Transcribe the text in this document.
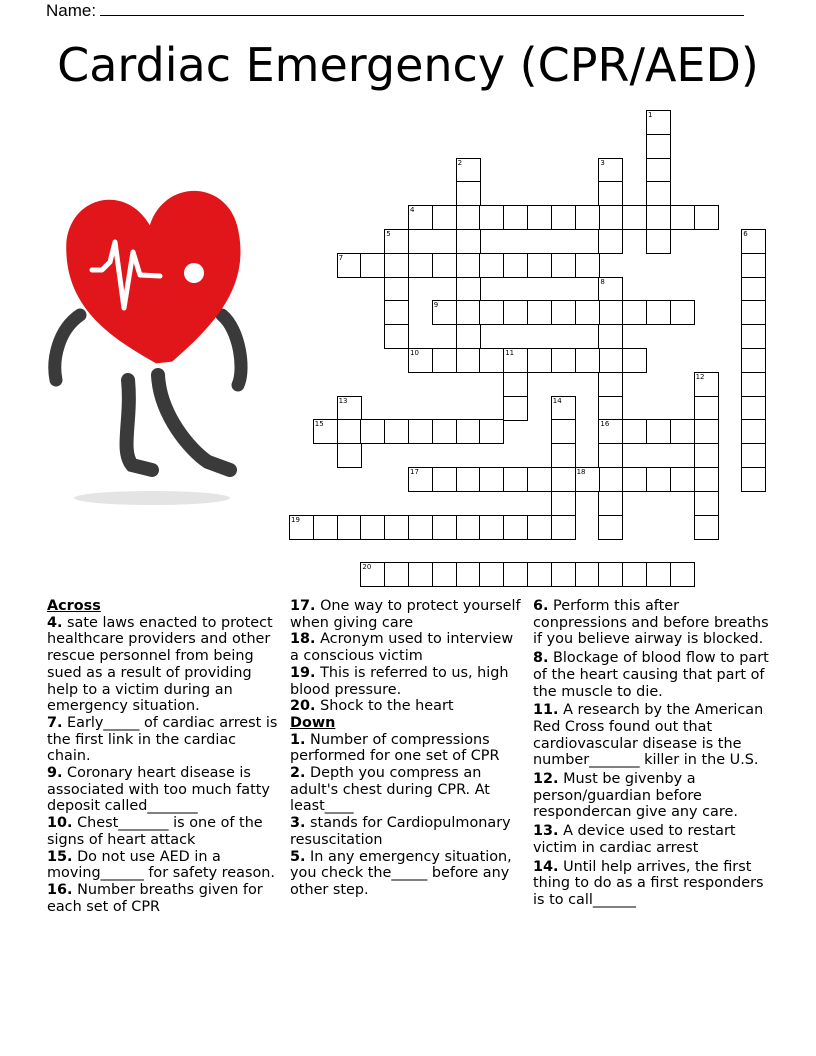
Name:
Cardiac Emergency (CPR/AED)
1
2	3
4
5	6
7
8
16
9
10	11
12
13	14
15
17	18
19
20
Across
4. sate laws enacted to protect healthcare providers and other rescue personnel from being sued as a result of providing help to a victim during an emergency situation.
7. Early_____ of cardiac arrest is the first link in the cardiac chain.
9. Coronary heart disease is associated with too much fatty deposit called_______
10. Chest_______ is one of the signs of heart attack
15. Do not use AED in a moving______ for safety reason.
16. Number breaths given for each set of CPR
17. One way to protect yourself when giving care
18. Acronym used to interview a conscious victim
19. This is referred to us, high blood pressure.
20. Shock to the heart
Down
1. Number of compressions performed for one set of CPR
2. Depth you compress an adult's chest during CPR. At least____
3. stands for Cardiopulmonary resuscitation
5. In any emergency situation, you check the_____ before any other step.
6. Perform this after conpressions and before breaths if you believe airway is blocked.
8. Blockage of blood flow to part of the heart causing that part of the muscle to die.
11. A research by the American Red Cross found out that cardiovascular disease is the number_______ killer in the U.S.
12. Must be givenby a person/guardian before respondercan give any care.
13. A device used to restart victim in cardiac arrest
14. Until help arrives, the first thing to do as a first responders is to call______
